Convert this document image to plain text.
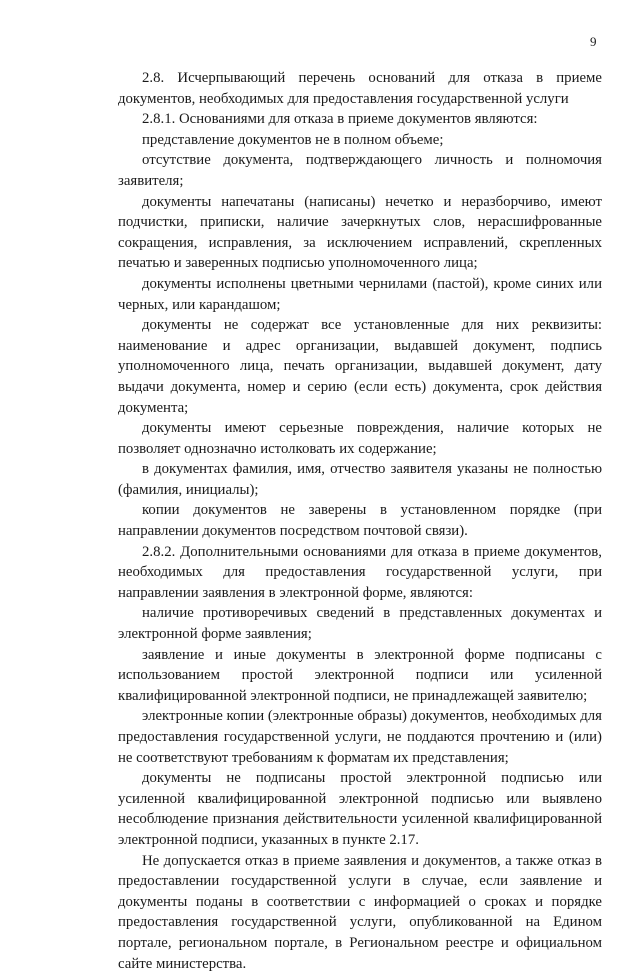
9

2.8. Исчерпывающий перечень оснований для отказа в приеме документов, необходимых для предоставления государственной услуги

2.8.1. Основаниями для отказа в приеме документов являются:

представление документов не в полном объеме;

отсутствие документа, подтверждающего личность и полномочия заявителя;

документы напечатаны (написаны) нечетко и неразборчиво, имеют подчистки, приписки, наличие зачеркнутых слов, нерасшифрованные сокращения, исправления, за исключением исправлений, скрепленных печатью и заверенных подписью уполномоченного лица;

документы исполнены цветными чернилами (пастой), кроме синих или черных, или карандашом;

документы не содержат все установленные для них реквизиты: наименование и адрес организации, выдавшей документ, подпись уполномоченного лица, печать организации, выдавшей документ, дату выдачи документа, номер и серию (если есть) документа, срок действия документа;

документы имеют серьезные повреждения, наличие которых не позволяет однозначно истолковать их содержание;

в документах фамилия, имя, отчество заявителя указаны не полностью (фамилия, инициалы);

копии документов не заверены в установленном порядке (при направлении документов посредством почтовой связи).

2.8.2. Дополнительными основаниями для отказа в приеме документов, необходимых для предоставления государственной услуги, при направлении заявления в электронной форме, являются:

наличие противоречивых сведений в представленных документах и электронной форме заявления;

заявление и иные документы в электронной форме подписаны с использованием простой электронной подписи или усиленной квалифицированной электронной подписи, не принадлежащей заявителю;

электронные копии (электронные образы) документов, необходимых для предоставления государственной услуги, не поддаются прочтению и (или) не соответствуют требованиям к форматам их представления;

документы не подписаны простой электронной подписью или усиленной квалифицированной электронной подписью или выявлено несоблюдение признания действительности усиленной квалифицированной электронной подписи, указанных в пункте 2.17.

Не допускается отказ в приеме заявления и документов, а также отказ в предоставлении государственной услуги в случае, если заявление и документы поданы в соответствии с информацией о сроках и порядке предоставления государственной услуги, опубликованной на Едином портале, региональном портале, в Региональном реестре и официальном сайте министерства.
